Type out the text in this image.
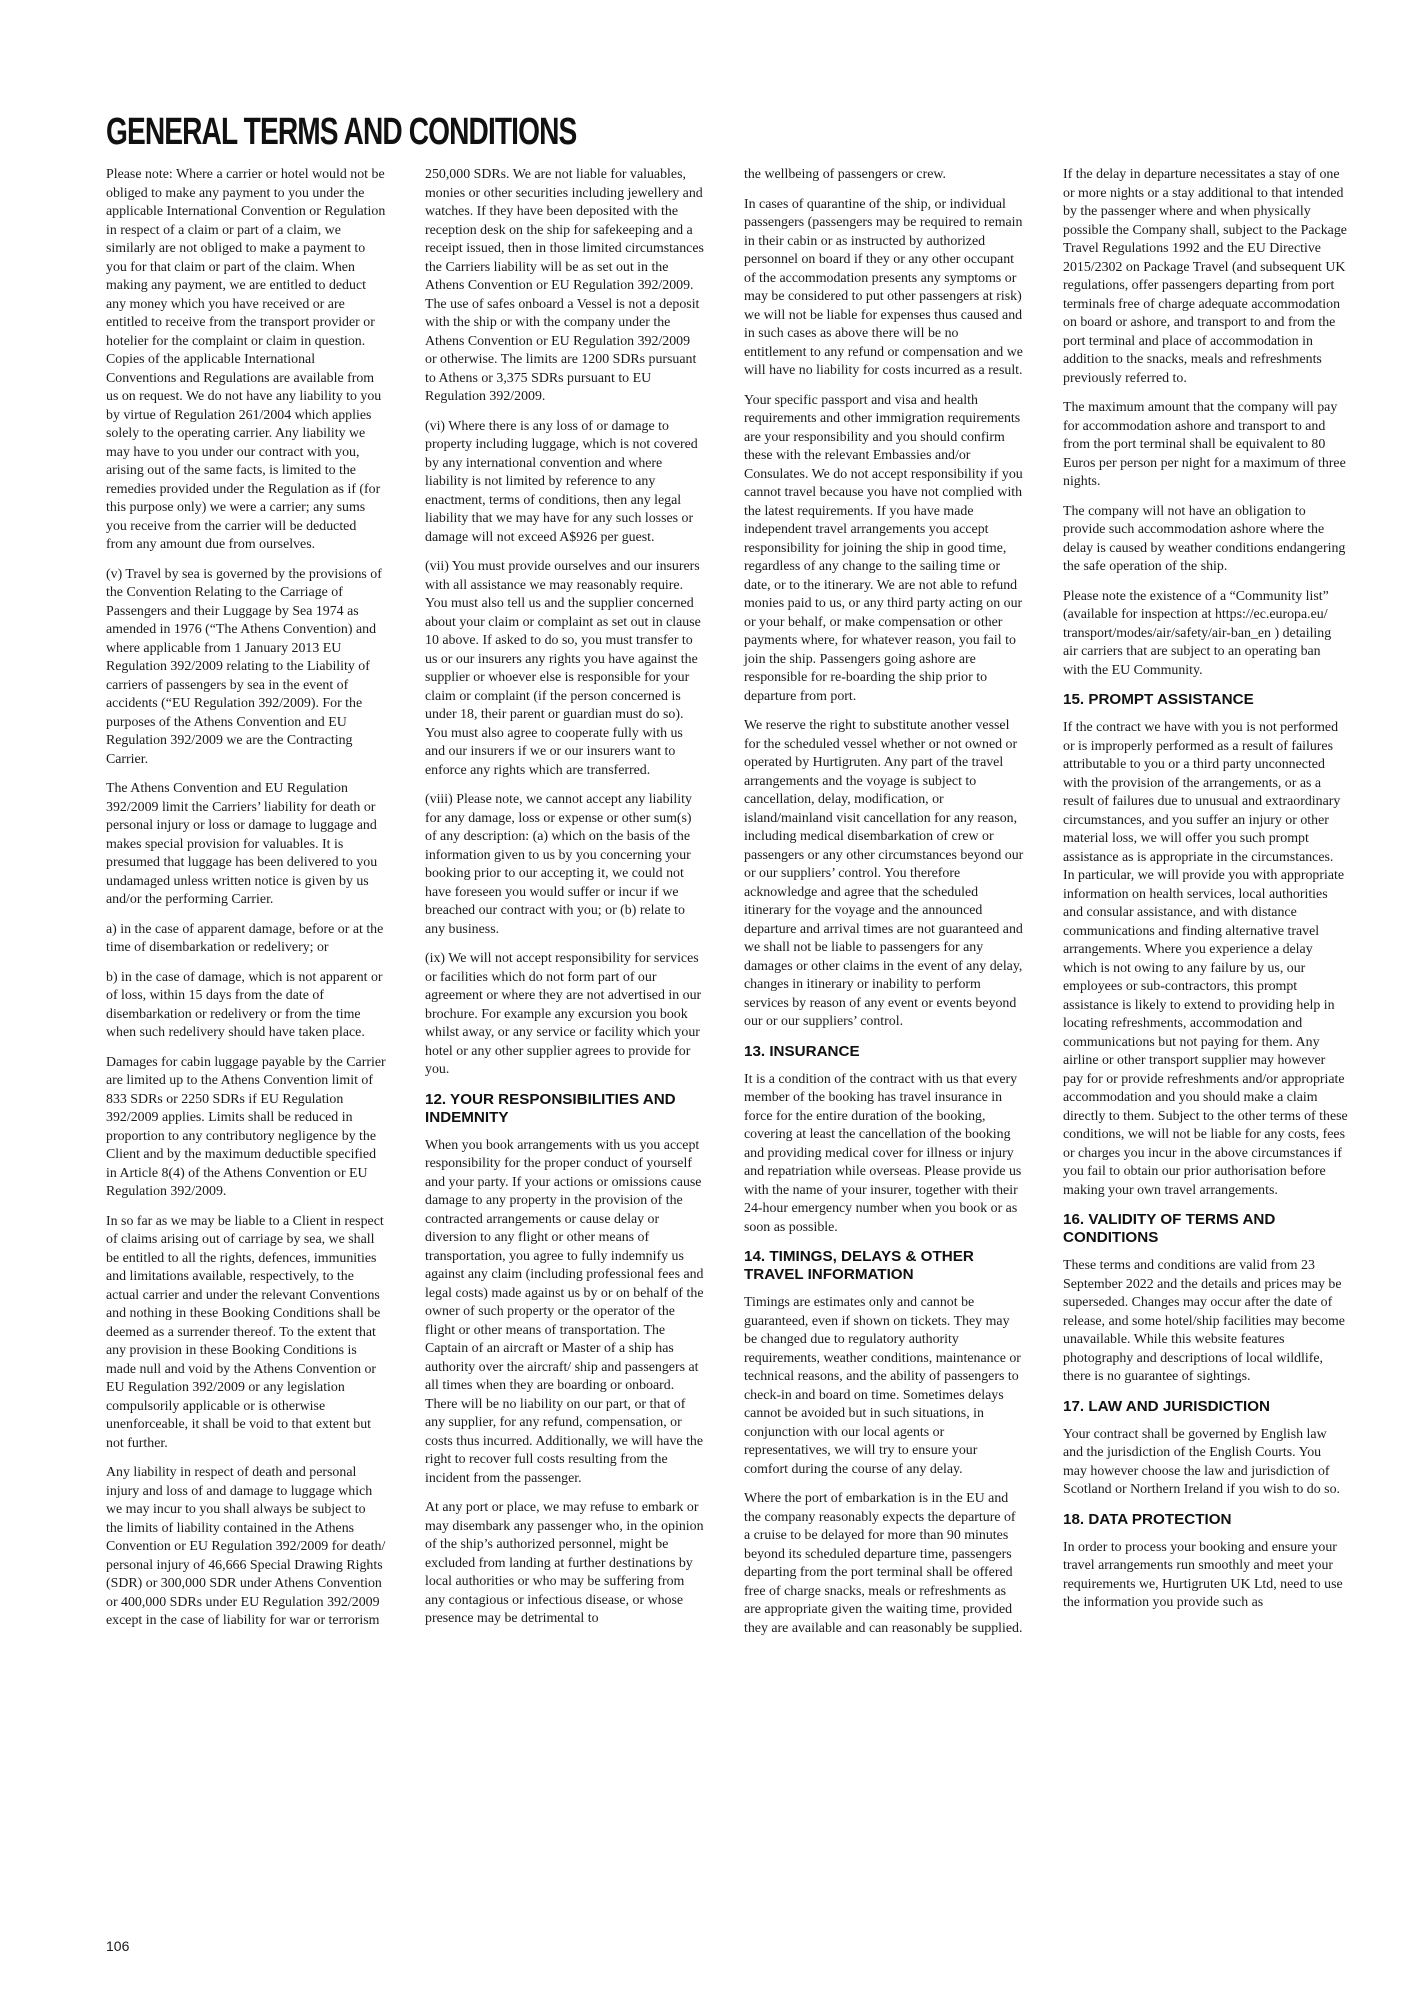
GENERAL TERMS AND CONDITIONS

Please note: Where a carrier or hotel would not be obliged to make any payment to you under the applicable International Convention or Regulation in respect of a claim or part of a claim, we similarly are not obliged to make a payment to you for that claim or part of the claim. When making any payment, we are entitled to deduct any money which you have received or are entitled to receive from the transport provider or hotelier for the complaint or claim in question. Copies of the applicable International Conventions and Regulations are available from us on request. We do not have any liability to you by virtue of Regulation 261/2004 which applies solely to the operating carrier. Any liability we may have to you under our contract with you, arising out of the same facts, is limited to the remedies provided under the Regulation as if (for this purpose only) we were a carrier; any sums you receive from the carrier will be deducted from any amount due from ourselves.

(v) Travel by sea is governed by the provisions of the Convention Relating to the Carriage of Passengers and their Luggage by Sea 1974 as amended in 1976 (“The Athens Convention) and where applicable from 1 January 2013 EU Regulation 392/2009 relating to the Liability of carriers of passengers by sea in the event of accidents (“EU Regulation 392/2009). For the purposes of the Athens Convention and EU Regulation 392/2009 we are the Contracting Carrier.

The Athens Convention and EU Regulation 392/2009 limit the Carriers’ liability for death or personal injury or loss or damage to luggage and makes special provision for valuables. It is presumed that luggage has been delivered to you undamaged unless written notice is given by us and/or the performing Carrier.

a) in the case of apparent damage, before or at the time of disembarkation or redelivery; or

b) in the case of damage, which is not apparent or of loss, within 15 days from the date of disembarkation or redelivery or from the time when such redelivery should have taken place.

Damages for cabin luggage payable by the Carrier are limited up to the Athens Convention limit of 833 SDRs or 2250 SDRs if EU Regulation 392/2009 applies. Limits shall be reduced in proportion to any contributory negligence by the Client and by the maximum deductible specified in Article 8(4) of the Athens Convention or EU Regulation 392/2009.

In so far as we may be liable to a Client in respect of claims arising out of carriage by sea, we shall be entitled to all the rights, defences, immunities and limitations available, respectively, to the actual carrier and under the relevant Conventions and nothing in these Booking Conditions shall be deemed as a surrender thereof. To the extent that any provision in these Booking Conditions is made null and void by the Athens Convention or EU Regulation 392/2009 or any legislation compulsorily applicable or is otherwise unenforceable, it shall be void to that extent but not further.

Any liability in respect of death and personal injury and loss of and damage to luggage which we may incur to you shall always be subject to the limits of liability contained in the Athens Convention or EU Regulation 392/2009 for death/ personal injury of 46,666 Special Drawing Rights (SDR) or 300,000 SDR under Athens Convention or 400,000 SDRs under EU Regulation 392/2009 except in the case of liability for war or terrorism

250,000 SDRs. We are not liable for valuables, monies or other securities including jewellery and watches. If they have been deposited with the reception desk on the ship for safekeeping and a receipt issued, then in those limited circumstances the Carriers liability will be as set out in the Athens Convention or EU Regulation 392/2009. The use of safes onboard a Vessel is not a deposit with the ship or with the company under the Athens Convention or EU Regulation 392/2009 or otherwise. The limits are 1200 SDRs pursuant to Athens or 3,375 SDRs pursuant to EU Regulation 392/2009.

(vi) Where there is any loss of or damage to property including luggage, which is not covered by any international convention and where liability is not limited by reference to any enactment, terms of conditions, then any legal liability that we may have for any such losses or damage will not exceed A$926 per guest.

(vii) You must provide ourselves and our insurers with all assistance we may reasonably require. You must also tell us and the supplier concerned about your claim or complaint as set out in clause 10 above. If asked to do so, you must transfer to us or our insurers any rights you have against the supplier or whoever else is responsible for your claim or complaint (if the person concerned is under 18, their parent or guardian must do so). You must also agree to cooperate fully with us and our insurers if we or our insurers want to enforce any rights which are transferred.

(viii) Please note, we cannot accept any liability for any damage, loss or expense or other sum(s) of any description: (a) which on the basis of the information given to us by you concerning your booking prior to our accepting it, we could not have foreseen you would suffer or incur if we breached our contract with you; or (b) relate to any business.

(ix) We will not accept responsibility for services or facilities which do not form part of our agreement or where they are not advertised in our brochure. For example any excursion you book whilst away, or any service or facility which your hotel or any other supplier agrees to provide for you.

12. YOUR RESPONSIBILITIES AND INDEMNITY

When you book arrangements with us you accept responsibility for the proper conduct of yourself and your party. If your actions or omissions cause damage to any property in the provision of the contracted arrangements or cause delay or diversion to any flight or other means of transportation, you agree to fully indemnify us against any claim (including professional fees and legal costs) made against us by or on behalf of the owner of such property or the operator of the flight or other means of transportation. The Captain of an aircraft or Master of a ship has authority over the aircraft/ ship and passengers at all times when they are boarding or onboard. There will be no liability on our part, or that of any supplier, for any refund, compensation, or costs thus incurred. Additionally, we will have the right to recover full costs resulting from the incident from the passenger.

At any port or place, we may refuse to embark or may disembark any passenger who, in the opinion of the ship’s authorized personnel, might be excluded from landing at further destinations by local authorities or who may be suffering from any contagious or infectious disease, or whose presence may be detrimental to

the wellbeing of passengers or crew.

In cases of quarantine of the ship, or individual passengers (passengers may be required to remain in their cabin or as instructed by authorized personnel on board if they or any other occupant of the accommodation presents any symptoms or may be considered to put other passengers at risk) we will not be liable for expenses thus caused and in such cases as above there will be no entitlement to any refund or compensation and we will have no liability for costs incurred as a result.

Your specific passport and visa and health requirements and other immigration requirements are your responsibility and you should confirm these with the relevant Embassies and/or Consulates. We do not accept responsibility if you cannot travel because you have not complied with the latest requirements. If you have made independent travel arrangements you accept responsibility for joining the ship in good time, regardless of any change to the sailing time or date, or to the itinerary. We are not able to refund monies paid to us, or any third party acting on our or your behalf, or make compensation or other payments where, for whatever reason, you fail to join the ship. Passengers going ashore are responsible for re-boarding the ship prior to departure from port.

We reserve the right to substitute another vessel for the scheduled vessel whether or not owned or operated by Hurtigruten. Any part of the travel arrangements and the voyage is subject to cancellation, delay, modification, or island/mainland visit cancellation for any reason, including medical disembarkation of crew or passengers or any other circumstances beyond our or our suppliers’ control. You therefore acknowledge and agree that the scheduled itinerary for the voyage and the announced departure and arrival times are not guaranteed and we shall not be liable to passengers for any damages or other claims in the event of any delay, changes in itinerary or inability to perform services by reason of any event or events beyond our or our suppliers’ control.

13. INSURANCE

It is a condition of the contract with us that every member of the booking has travel insurance in force for the entire duration of the booking, covering at least the cancellation of the booking and providing medical cover for illness or injury and repatriation while overseas. Please provide us with the name of your insurer, together with their 24-hour emergency number when you book or as soon as possible.

14. TIMINGS, DELAYS & OTHER TRAVEL INFORMATION

Timings are estimates only and cannot be guaranteed, even if shown on tickets. They may be changed due to regulatory authority requirements, weather conditions, maintenance or technical reasons, and the ability of passengers to check-in and board on time. Sometimes delays cannot be avoided but in such situations, in conjunction with our local agents or representatives, we will try to ensure your comfort during the course of any delay.

Where the port of embarkation is in the EU and the company reasonably expects the departure of a cruise to be delayed for more than 90 minutes beyond its scheduled departure time, passengers departing from the port terminal shall be offered free of charge snacks, meals or refreshments as are appropriate given the waiting time, provided they are available and can reasonably be supplied.

If the delay in departure necessitates a stay of one or more nights or a stay additional to that intended by the passenger where and when physically possible the Company shall, subject to the Package Travel Regulations 1992 and the EU Directive 2015/2302 on Package Travel (and subsequent UK regulations, offer passengers departing from port terminals free of charge adequate accommodation on board or ashore, and transport to and from the port terminal and place of accommodation in addition to the snacks, meals and refreshments previously referred to.

The maximum amount that the company will pay for accommodation ashore and transport to and from the port terminal shall be equivalent to 80 Euros per person per night for a maximum of three nights.

The company will not have an obligation to provide such accommodation ashore where the delay is caused by weather conditions endangering the safe operation of the ship.

Please note the existence of a “Community list” (available for inspection at https://ec.europa.eu/ transport/modes/air/safety/air-ban_en ) detailing air carriers that are subject to an operating ban with the EU Community.

15. PROMPT ASSISTANCE

If the contract we have with you is not performed or is improperly performed as a result of failures attributable to you or a third party unconnected with the provision of the arrangements, or as a result of failures due to unusual and extraordinary circumstances, and you suffer an injury or other material loss, we will offer you such prompt assistance as is appropriate in the circumstances. In particular, we will provide you with appropriate information on health services, local authorities and consular assistance, and with distance communications and finding alternative travel arrangements. Where you experience a delay which is not owing to any failure by us, our employees or sub-contractors, this prompt assistance is likely to extend to providing help in locating refreshments, accommodation and communications but not paying for them. Any airline or other transport supplier may however pay for or provide refreshments and/or appropriate accommodation and you should make a claim directly to them. Subject to the other terms of these conditions, we will not be liable for any costs, fees or charges you incur in the above circumstances if you fail to obtain our prior authorisation before making your own travel arrangements.

16. VALIDITY OF TERMS AND CONDITIONS

These terms and conditions are valid from 23 September 2022 and the details and prices may be superseded. Changes may occur after the date of release, and some hotel/ship facilities may become unavailable. While this website features photography and descriptions of local wildlife, there is no guarantee of sightings.

17. LAW AND JURISDICTION

Your contract shall be governed by English law and the jurisdiction of the English Courts. You may however choose the law and jurisdiction of Scotland or Northern Ireland if you wish to do so.

18. DATA PROTECTION

In order to process your booking and ensure your travel arrangements run smoothly and meet your requirements we, Hurtigruten UK Ltd, need to use the information you provide such as

106
